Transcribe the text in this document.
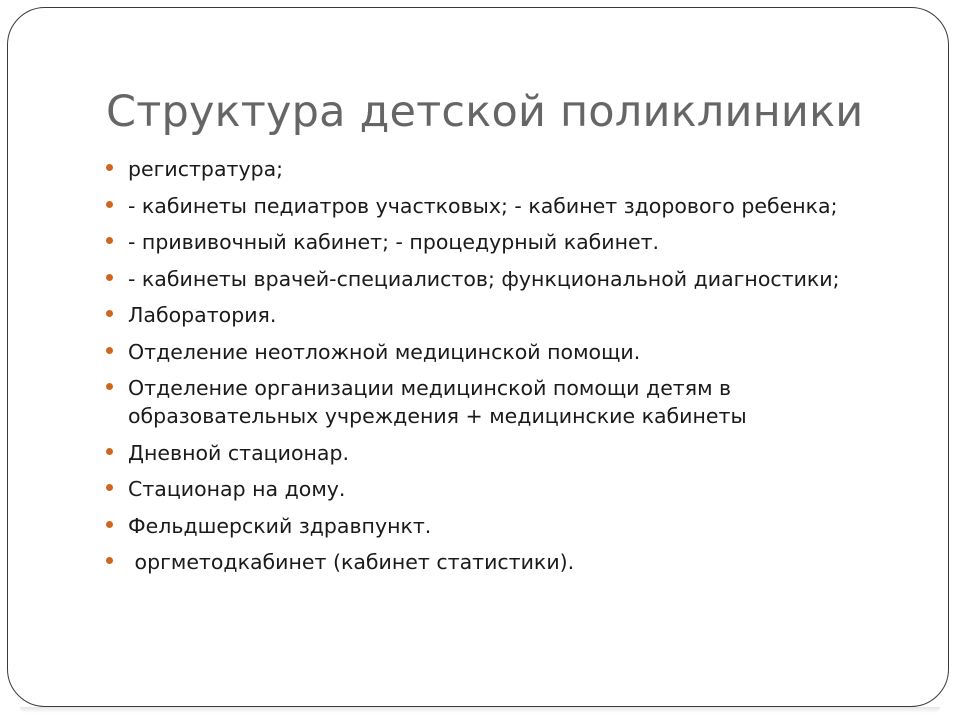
Структура детской поликлиники
регистратура;
- кабинеты педиатров участковых; - кабинет здорового ребенка;
- прививочный кабинет; - процедурный кабинет.
- кабинеты врачей-специалистов; функциональной диагностики;
Лаборатория.
Отделение неотложной медицинской помощи.
Отделение организации медицинской помощи детям в образовательных учреждения + медицинские кабинеты
Дневной стационар.
Стационар на дому.
Фельдшерский здравпункт.
оргметодкабинет (кабинет статистики).
